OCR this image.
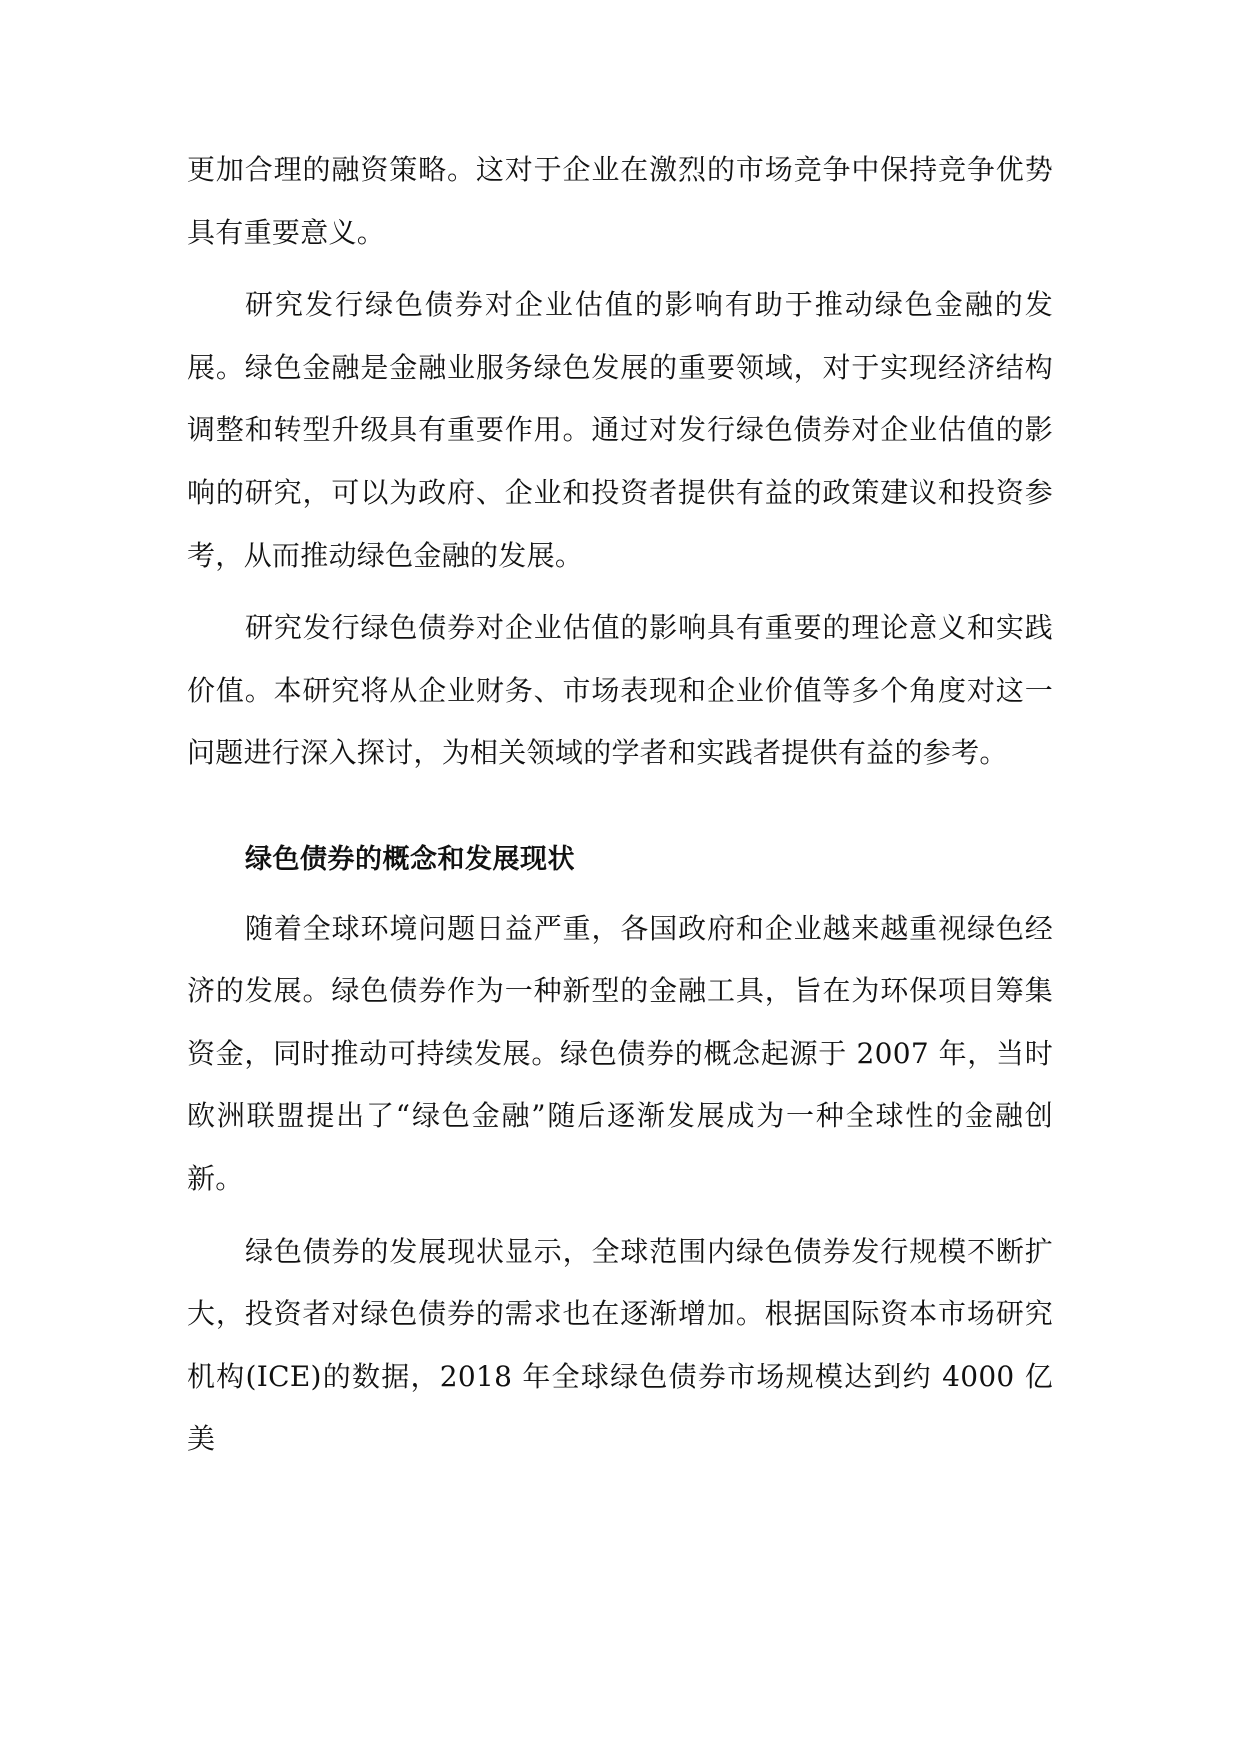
更加合理的融资策略。这对于企业在激烈的市场竞争中保持竞争优势具有重要意义。

研究发行绿色债券对企业估值的影响有助于推动绿色金融的发展。绿色金融是金融业服务绿色发展的重要领域，对于实现经济结构调整和转型升级具有重要作用。通过对发行绿色债券对企业估值的影响的研究，可以为政府、企业和投资者提供有益的政策建议和投资参考，从而推动绿色金融的发展。

研究发行绿色债券对企业估值的影响具有重要的理论意义和实践价值。本研究将从企业财务、市场表现和企业价值等多个角度对这一问题进行深入探讨，为相关领域的学者和实践者提供有益的参考。

绿色债券的概念和发展现状

随着全球环境问题日益严重，各国政府和企业越来越重视绿色经济的发展。绿色债券作为一种新型的金融工具，旨在为环保项目筹集资金，同时推动可持续发展。绿色债券的概念起源于 2007 年，当时欧洲联盟提出了“绿色金融”随后逐渐发展成为一种全球性的金融创新。

绿色债券的发展现状显示，全球范围内绿色债券发行规模不断扩大，投资者对绿色债券的需求也在逐渐增加。根据国际资本市场研究机构(ICE)的数据，2018 年全球绿色债券市场规模达到约 4000 亿美
